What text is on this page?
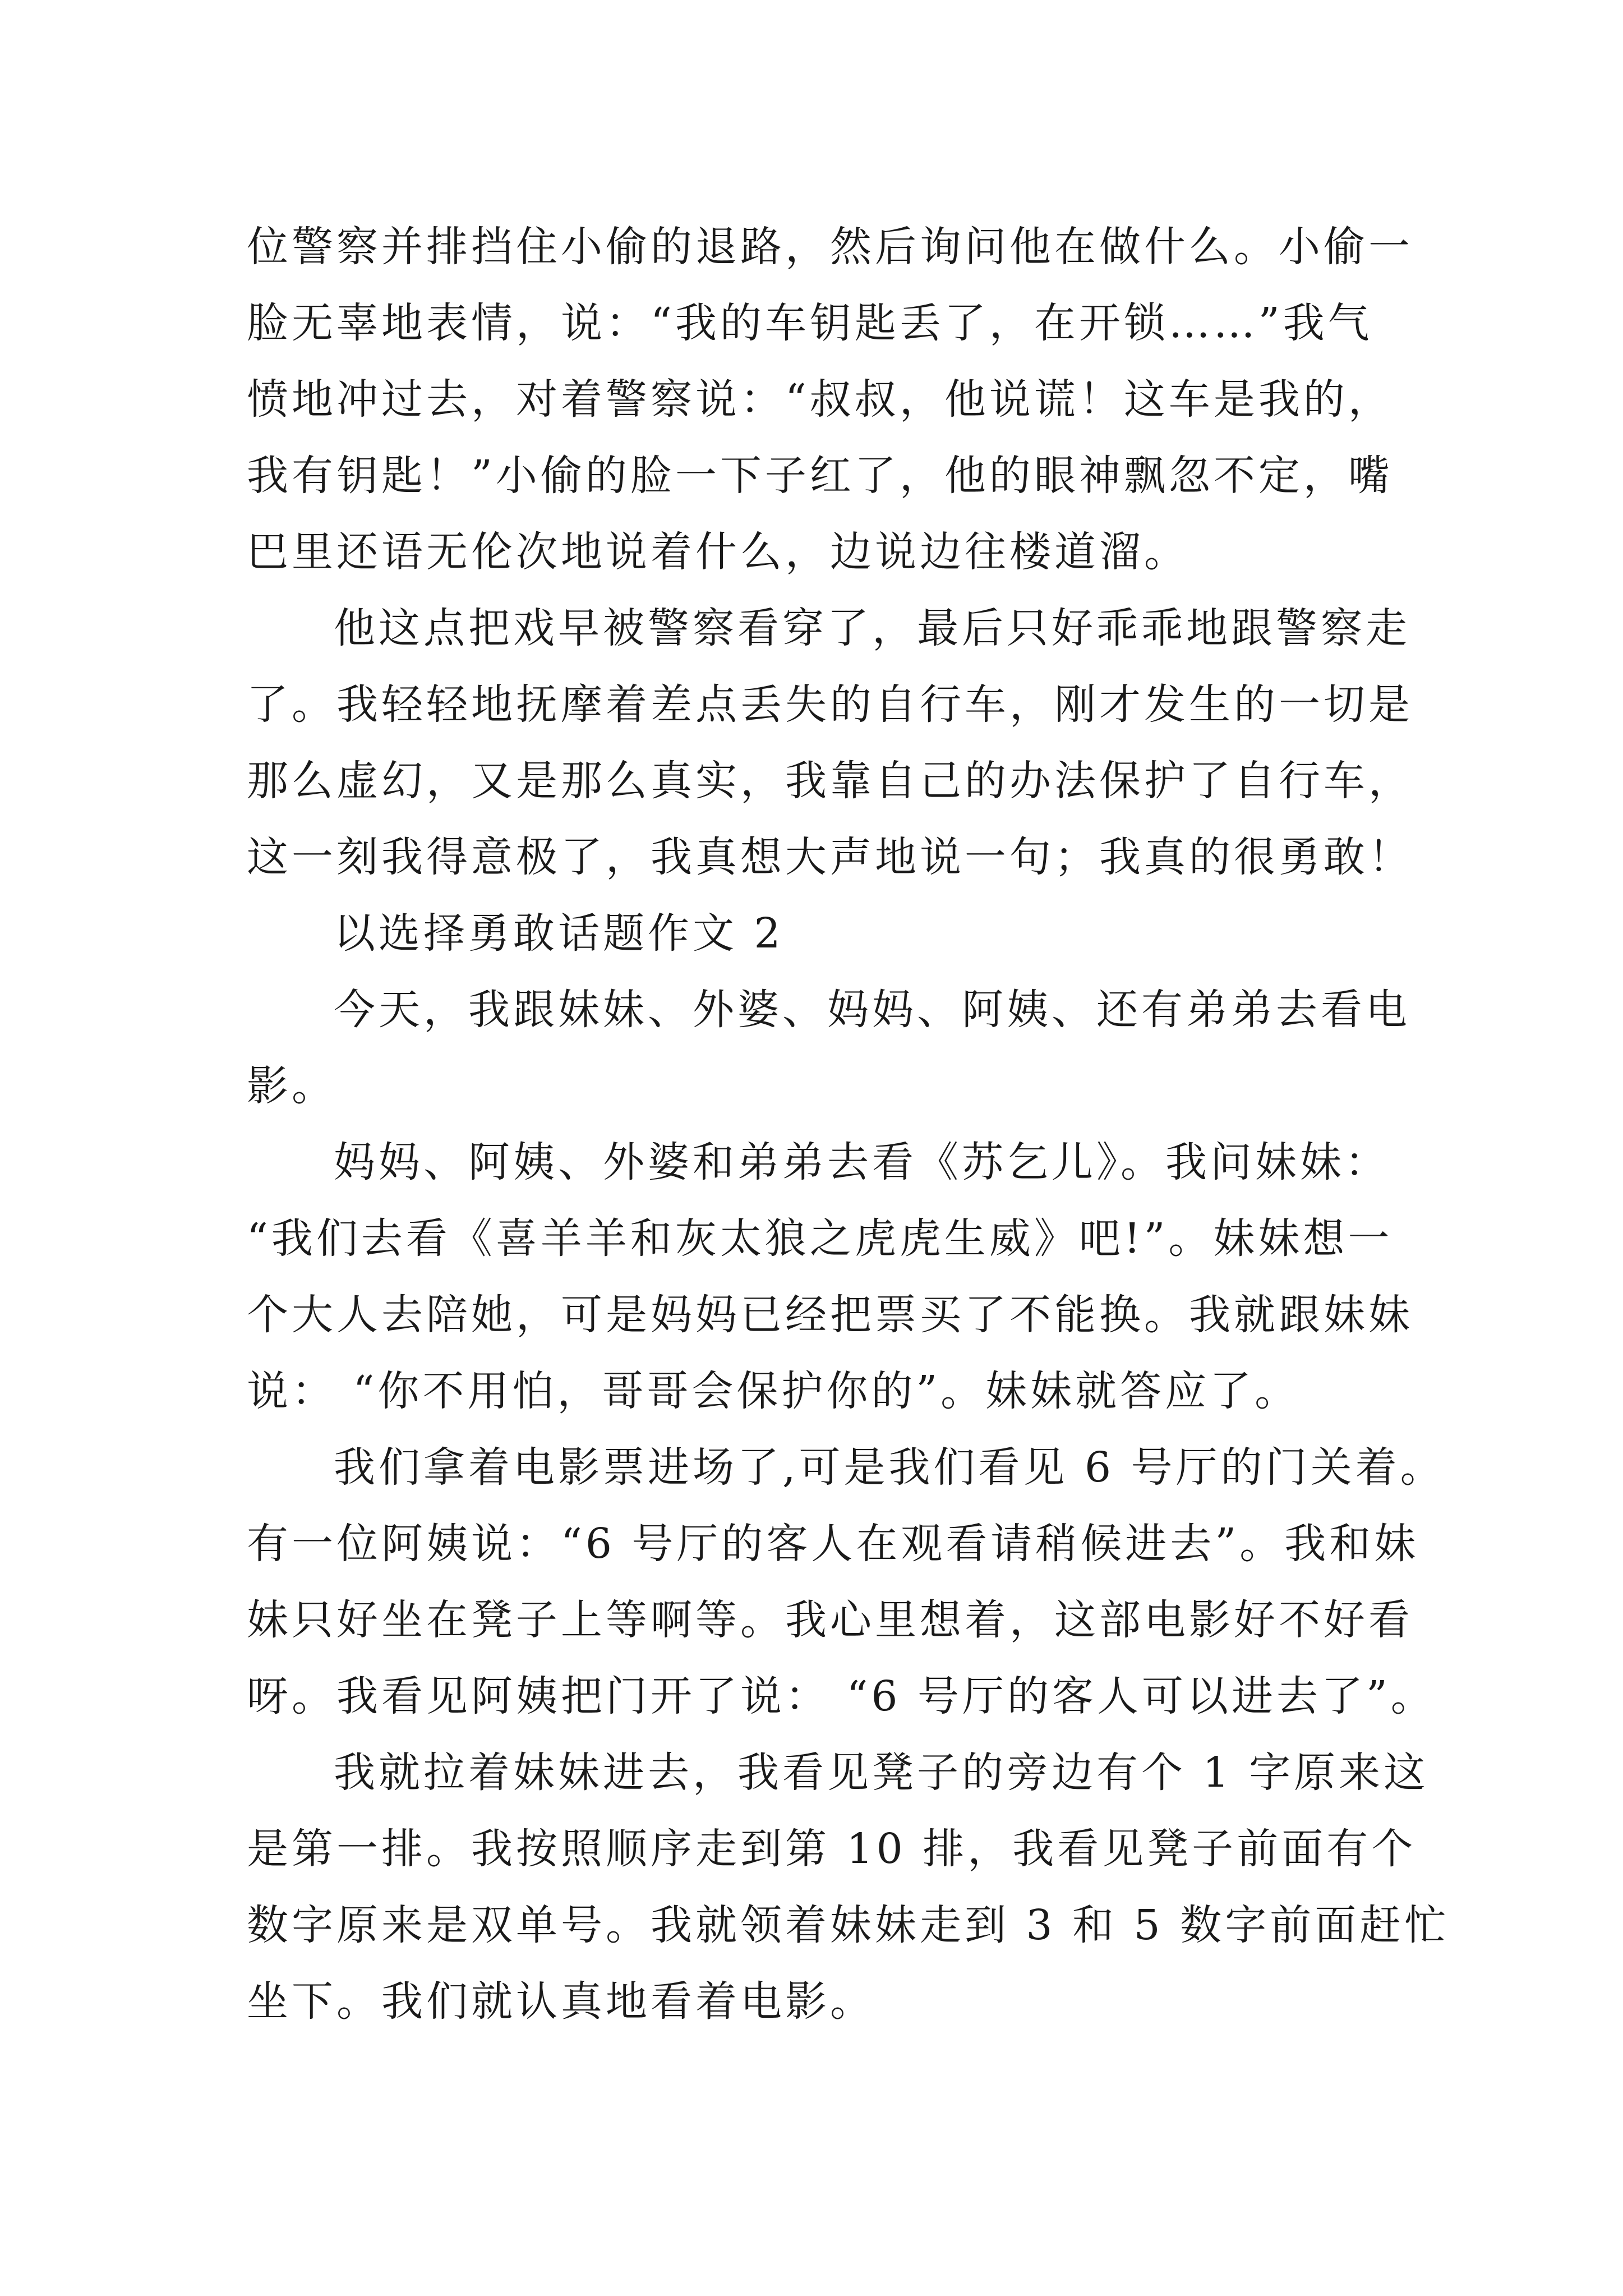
位警察并排挡住小偷的退路，然后询问他在做什么。小偷一
脸无辜地表情，说：“我的车钥匙丢了，在开锁……”我气
愤地冲过去，对着警察说：“叔叔，他说谎！这车是我的，
我有钥匙！”小偷的脸一下子红了，他的眼神飘忽不定，嘴
巴里还语无伦次地说着什么，边说边往楼道溜。
他这点把戏早被警察看穿了，最后只好乖乖地跟警察走
了。我轻轻地抚摩着差点丢失的自行车，刚才发生的一切是
那么虚幻，又是那么真实，我靠自己的办法保护了自行车，
这一刻我得意极了，我真想大声地说一句；我真的很勇敢！
以选择勇敢话题作文 2
今天，我跟妹妹、外婆、妈妈、阿姨、还有弟弟去看电
影。
妈妈、阿姨、外婆和弟弟去看《苏乞儿》。我问妹妹：
“我们去看《喜羊羊和灰太狼之虎虎生威》吧!”。妹妹想一
个大人去陪她，可是妈妈已经把票买了不能换。我就跟妹妹
说： “你不用怕，哥哥会保护你的”。妹妹就答应了。
我们拿着电影票进场了,可是我们看见 6 号厅的门关着。
有一位阿姨说：“6 号厅的客人在观看请稍候进去”。我和妹
妹只好坐在凳子上等啊等。我心里想着，这部电影好不好看
呀。我看见阿姨把门开了说： “6 号厅的客人可以进去了”。
我就拉着妹妹进去，我看见凳子的旁边有个 1 字原来这
是第一排。我按照顺序走到第 10 排，我看见凳子前面有个
数字原来是双单号。我就领着妹妹走到 3 和 5 数字前面赶忙
坐下。我们就认真地看着电影。
